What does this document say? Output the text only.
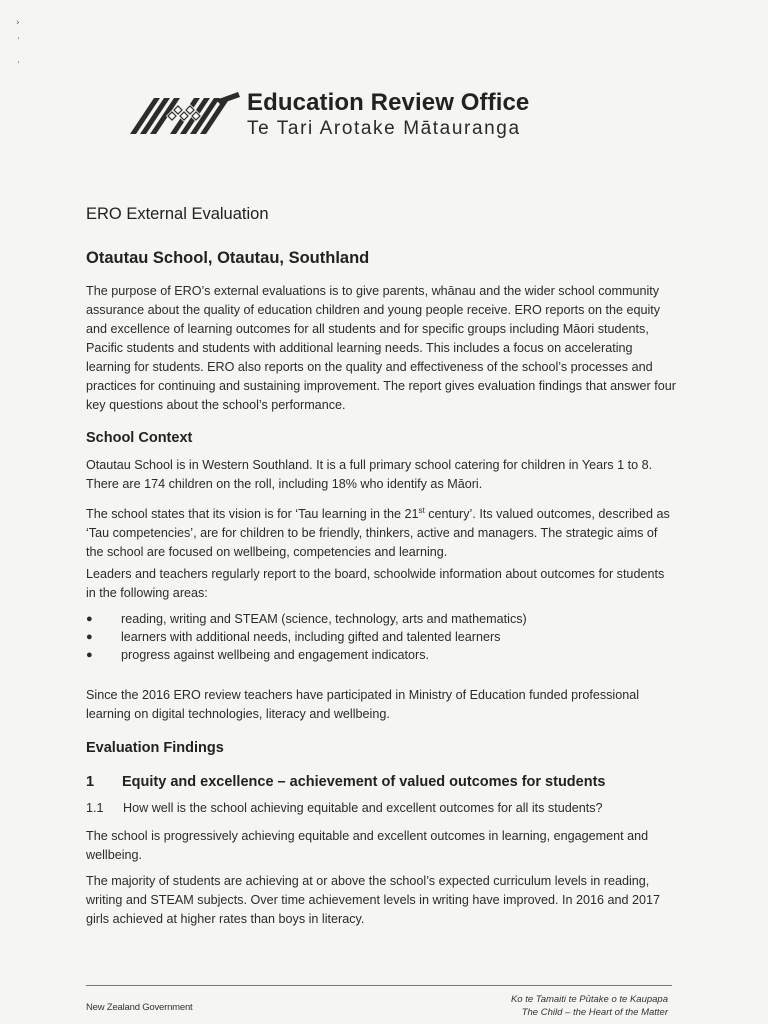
›
·
·
Education Review Office
Te Tari Arotake Mātauranga
ERO External Evaluation
Otautau School, Otautau, Southland

The purpose of ERO’s external evaluations is to give parents, whānau and the wider school community assurance about the quality of education children and young people receive. ERO reports on the equity and excellence of learning outcomes for all students and for specific groups including Māori students, Pacific students and students with additional learning needs. This includes a focus on accelerating learning for students. ERO also reports on the quality and effectiveness of the school’s processes and practices for continuing and sustaining improvement. The report gives evaluation findings that answer four key questions about the school’s performance.

School Context

Otautau School is in Western Southland. It is a full primary school catering for children in Years 1 to 8. There are 174 children on the roll, including 18% who identify as Māori.

The school states that its vision is for ‘Tau learning in the 21st century’. Its valued outcomes, described as ‘Tau competencies’, are for children to be friendly, thinkers, active and managers. The strategic aims of the school are focused on wellbeing, competencies and learning.

Leaders and teachers regularly report to the board, schoolwide information about outcomes for students in the following areas:

● reading, writing and STEAM (science, technology, arts and mathematics)
● learners with additional needs, including gifted and talented learners
● progress against wellbeing and engagement indicators.

Since the 2016 ERO review teachers have participated in Ministry of Education funded professional learning on digital technologies, literacy and wellbeing.

Evaluation Findings
1 Equity and excellence – achievement of valued outcomes for students
1.1 How well is the school achieving equitable and excellent outcomes for all its students?

The school is progressively achieving equitable and excellent outcomes in learning, engagement and wellbeing.

The majority of students are achieving at or above the school’s expected curriculum levels in reading, writing and STEAM subjects. Over time achievement levels in writing have improved. In 2016 and 2017 girls achieved at higher rates than boys in literacy.

New Zealand Government
Ko te Tamaiti te Pūtake o te Kaupapa
The Child – the Heart of the Matter
